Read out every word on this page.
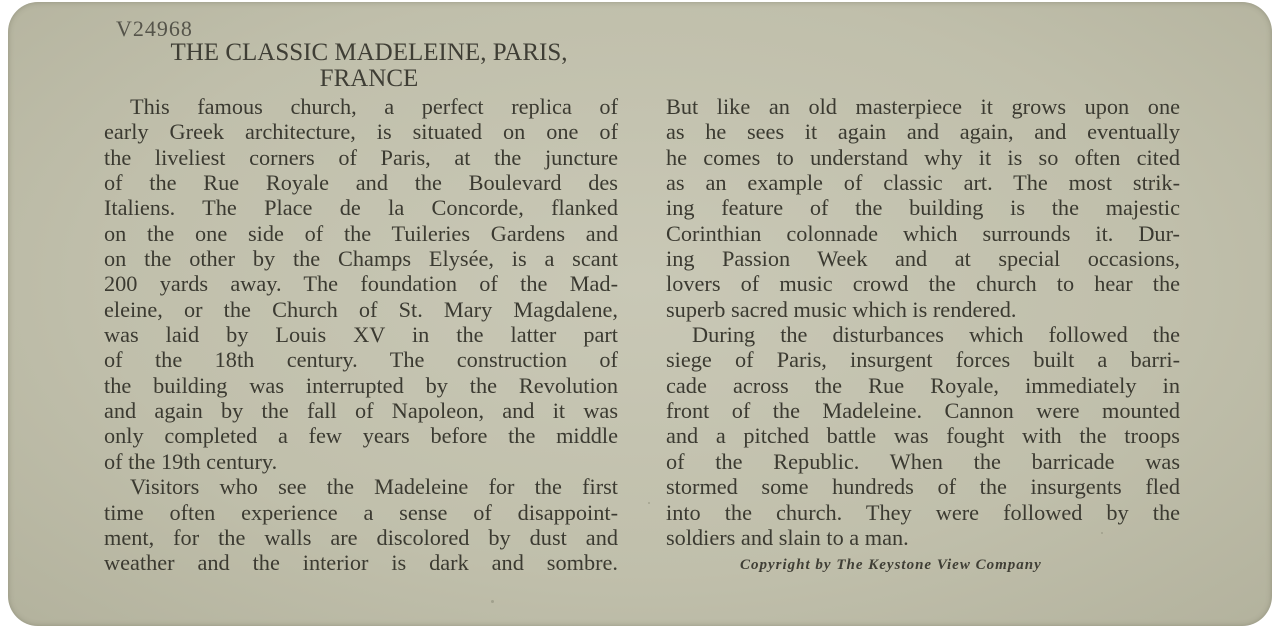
V24968
THE CLASSIC MADELEINE, PARIS,
FRANCE
This famous church, a perfect replica of
early Greek architecture, is situated on one of
the liveliest corners of Paris, at the juncture
of the Rue Royale and the Boulevard des
Italiens. The Place de la Concorde, flanked
on the one side of the Tuileries Gardens and
on the other by the Champs Elysée, is a scant
200 yards away. The foundation of the Mad-
eleine, or the Church of St. Mary Magdalene,
was laid by Louis XV in the latter part
of the 18th century. The construction of
the building was interrupted by the Revolution
and again by the fall of Napoleon, and it was
only completed a few years before the middle
of the 19th century.
Visitors who see the Madeleine for the first
time often experience a sense of disappoint-
ment, for the walls are discolored by dust and
weather and the interior is dark and sombre.
But like an old masterpiece it grows upon one
as he sees it again and again, and eventually
he comes to understand why it is so often cited
as an example of classic art. The most strik-
ing feature of the building is the majestic
Corinthian colonnade which surrounds it. Dur-
ing Passion Week and at special occasions,
lovers of music crowd the church to hear the
superb sacred music which is rendered.
During the disturbances which followed the
siege of Paris, insurgent forces built a barri-
cade across the Rue Royale, immediately in
front of the Madeleine. Cannon were mounted
and a pitched battle was fought with the troops
of the Republic. When the barricade was
stormed some hundreds of the insurgents fled
into the church. They were followed by the
soldiers and slain to a man.
Copyright by The Keystone View Company
